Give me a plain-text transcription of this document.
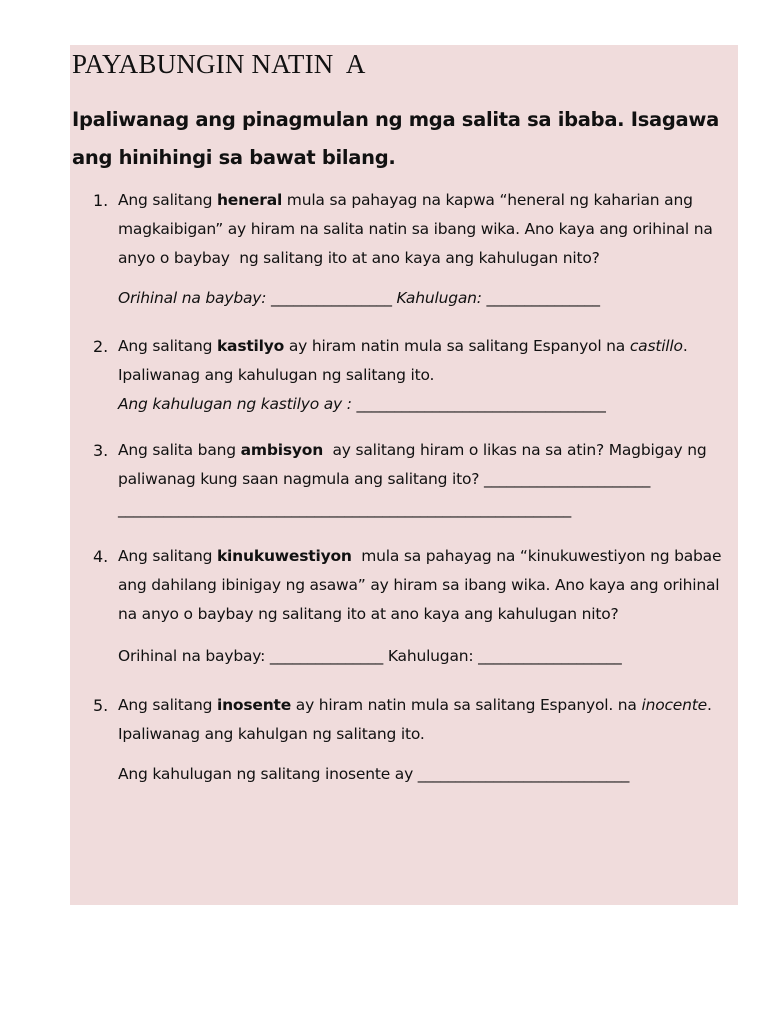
PAYABUNGIN NATIN  A
Ipaliwanag ang pinagmulan ng mga salita sa ibaba. Isagawa ang hinihingi sa bawat bilang.
1. Ang salitang heneral mula sa pahayag na kapwa “heneral ng kaharian ang
magkaibigan” ay hiram na salita natin sa ibang wika. Ano kaya ang orihinal na
anyo o baybay  ng salitang ito at ano kaya ang kahulugan nito?
Orihinal na baybay: ________________ Kahulugan: _______________
2. Ang salitang kastilyo ay hiram natin mula sa salitang Espanyol na castillo.
Ipaliwanag ang kahulugan ng salitang ito.
Ang kahulugan ng kastilyo ay : _________________________________
3. Ang salita bang ambisyon  ay salitang hiram o likas na sa atin? Magbigay ng
paliwanag kung saan nagmula ang salitang ito? ______________________
____________________________________________________________
4. Ang salitang kinukuwestiyon  mula sa pahayag na “kinukuwestiyon ng babae
ang dahilang ibinigay ng asawa” ay hiram sa ibang wika. Ano kaya ang orihinal
na anyo o baybay ng salitang ito at ano kaya ang kahulugan nito?
Orihinal na baybay: _______________ Kahulugan: ___________________
5. Ang salitang inosente ay hiram natin mula sa salitang Espanyol. na inocente.
Ipaliwanag ang kahulgan ng salitang ito.
Ang kahulugan ng salitang inosente ay ____________________________
